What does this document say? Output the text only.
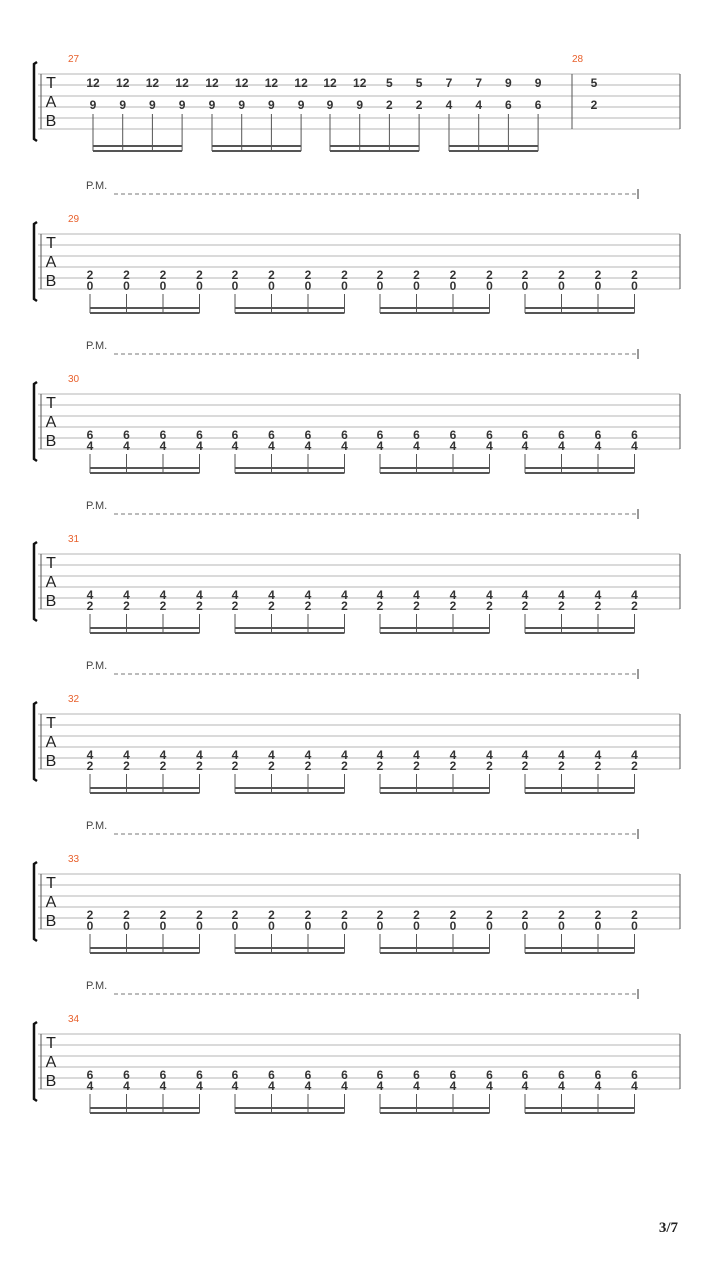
T
A
B
27	28
12
9
12
9
12
9
12
9
12
9
12
9
12
9
12
9
12
9
12
9
5
2
5
2
7
4
7
4
9
6
9
6
5
2
P.M.
T
A
B
29
2
0
2
0
2
0
2
0
2
0
2
0
2
0
2
0
2
0
2
0
2
0
2
0
2
0
2
0
2
0
2
0
P.M.
T
A
B
30
6
4
6
4
6
4
6
4
6
4
6
4
6
4
6
4
6
4
6
4
6
4
6
4
6
4
6
4
6
4
6
4
P.M.
T
A
B
31
4
2
4
2
4
2
4
2
4
2
4
2
4
2
4
2
4
2
4
2
4
2
4
2
4
2
4
2
4
2
4
2
P.M.
T
A
B
32
4
2
4
2
4
2
4
2
4
2
4
2
4
2
4
2
4
2
4
2
4
2
4
2
4
2
4
2
4
2
4
2
P.M.
T
A
B
33
2
0
2
0
2
0
2
0
2
0
2
0
2
0
2
0
2
0
2
0
2
0
2
0
2
0
2
0
2
0
2
0
P.M.
T
A
B
34
6
4
6
4
6
4
6
4
6
4
6
4
6
4
6
4
6
4
6
4
6
4
6
4
6
4
6
4
6
4
6
4
3/7
